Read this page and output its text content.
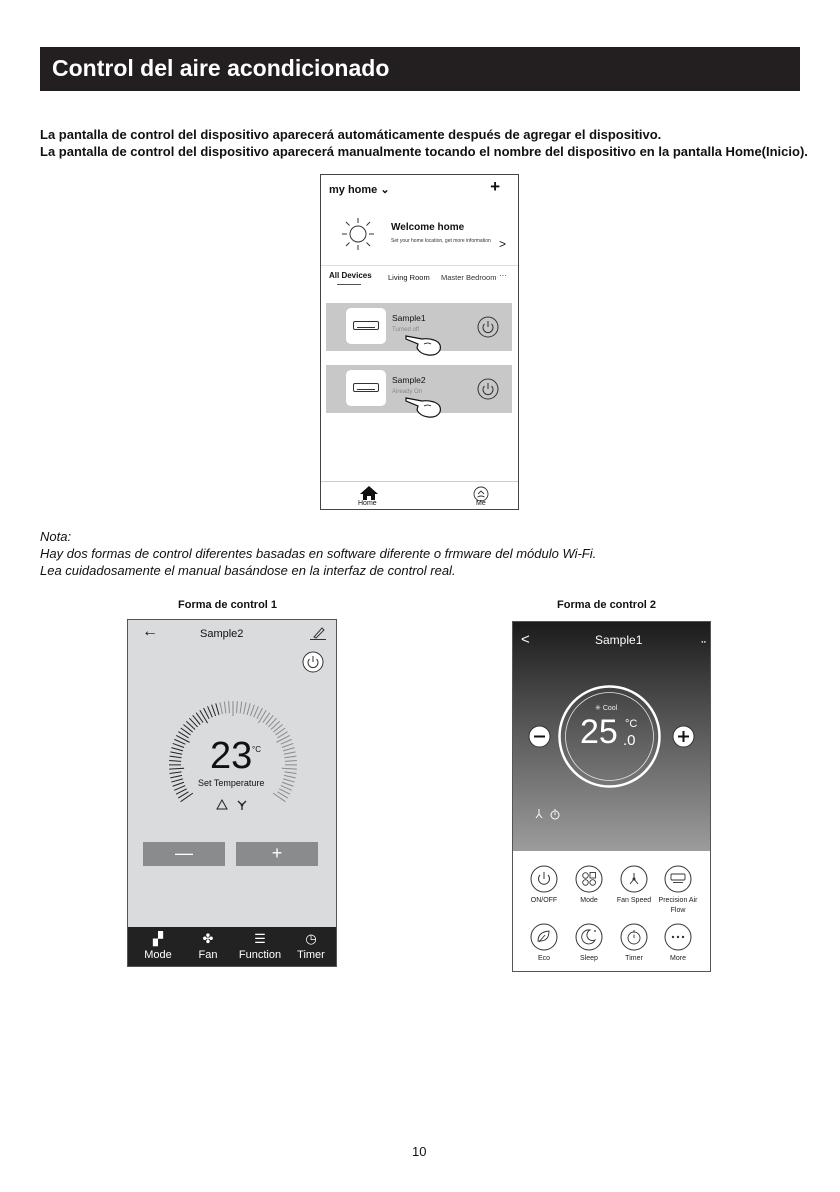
Control del aire acondicionado
La pantalla de control del dispositivo aparecerá automáticamente después de agregar el dispositivo.
La pantalla de control del dispositivo aparecerá manualmente tocando el nombre del dispositivo en la pantalla Home(Inicio).
my home ⌄	+
Welcome home
Set your home location, get more information >
All Devices Living Room Master Bedroom ···
Sample1
Turned off
Sample2
Already On
Home	Me
Nota:
Hay dos formas de control diferentes basadas en software diferente o frmware del módulo Wi-Fi.
Lea cuidadosamente el manual basándose en la interfaz de control real.
Forma de control 1	Forma de control 2
←	Sample2
23 °C
Set Temperature
—	+
▞
Mode
✤
Fan
☰
Function
◷
Timer
<	Sample1	●●
✳ Cool
25 °C
.0
ON/OFF	Mode	Fan Speed	Precision Air Flow
Eco	Sleep	Timer	More
10
